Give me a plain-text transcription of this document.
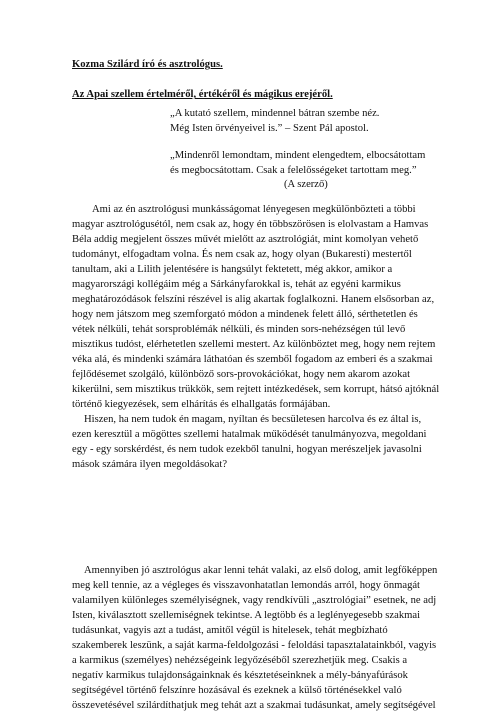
Kozma Szilárd író és asztrológus.
Az Apai szellem értelméről, értékéről és mágikus erejéről.
„A kutató szellem, mindennel bátran szembe néz.
Még Isten örvényeivel is.” – Szent Pál apostol.
„Mindenről lemondtam, mindent elengedtem, elbocsátottam
és megbocsátottam. Csak a felelősségeket tartottam meg.”
(A szerző)
Ami az én asztrológusi munkásságomat lényegesen megkülönbözteti a többi
magyar asztrológusétól, nem csak az, hogy én többszörösen is elolvastam a Hamvas
Béla addig megjelent összes művét mielőtt az asztrológiát, mint komolyan vehető
tudományt, elfogadtam volna. És nem csak az, hogy olyan (Bukaresti) mestertől
tanultam, aki a Lilith jelentésére is hangsúlyt fektetett, még akkor, amikor a
magyarországi kollégáim még a Sárkányfarokkal is, tehát az egyéni karmikus
meghatározódások felszíni részével is alig akartak foglalkozni. Hanem elsősorban az,
hogy nem játszom meg szemforgató módon a mindenek felett álló, sérthetetlen és
vétek nélküli, tehát sorsproblémák nélküli, és minden sors-nehézségen túl levő
misztikus tudóst, elérhetetlen szellemi mestert. Az különböztet meg, hogy nem rejtem
véka alá, és mindenki számára láthatóan és szemből fogadom az emberi és a szakmai
fejlődésemet szolgáló, különböző sors-provokációkat, hogy nem akarom azokat
kikerülni, sem misztikus trükkök, sem rejtett intézkedések, sem korrupt, hátsó ajtóknál
történő kiegyezések, sem elhárítás és elhallgatás formájában.
Hiszen, ha nem tudok én magam, nyíltan és becsületesen harcolva és ez által is,
ezen keresztül a mögöttes szellemi hatalmak működését tanulmányozva, megoldani
egy - egy sorskérdést, és nem tudok ezekből tanulni, hogyan merészeljek javasolni
mások számára ilyen megoldásokat?
Amennyiben jó asztrológus akar lenni tehát valaki, az első dolog, amit legfőképpen
meg kell tennie, az a végleges és visszavonhatatlan lemondás arról, hogy önmagát
valamilyen különleges személyiségnek, vagy rendkívüli „asztrológiai” esetnek, ne adj
Isten, kiválasztott szellemiségnek tekintse. A legtöbb és a leglényegesebb szakmai
tudásunkat, vagyis azt a tudást, amitől végül is hitelesek, tehát megbízható
szakemberek leszünk, a saját karma-feldolgozási - feloldási tapasztalatainkból, vagyis
a karmikus (személyes) nehézségeink legyőzéséből szerezhetjük meg. Csakis a
negatív karmikus tulajdonságainknak és késztetéseinknek a mély-bányafúrások
segítségével történő felszínre hozásával és ezeknek a külső történésekkel való
összevetésével szilárdíthatjuk meg tehát azt a szakmai tudásunkat, amely segítségével
